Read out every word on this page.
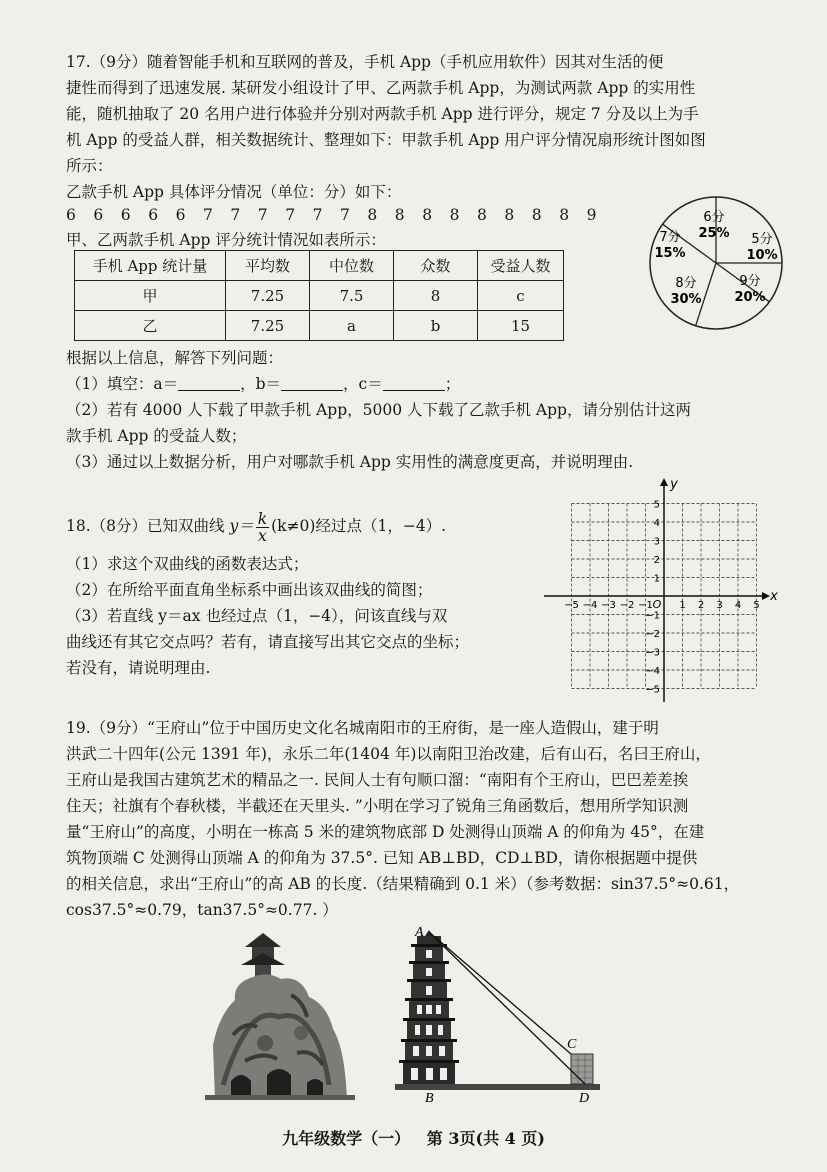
17.（9分）随着智能手机和互联网的普及，手机 App（手机应用软件）因其对生活的便
捷性而得到了迅速发展. 某研发小组设计了甲、乙两款手机 App，为测试两款 App 的实用性
能，随机抽取了 20 名用户进行体验并分别对两款手机 App 进行评分，规定 7 分及以上为手
机 App 的受益人群，相关数据统计、整理如下：甲款手机 App 用户评分情况扇形统计图如图
所示：
乙款手机 App 具体评分情况（单位：分）如下：
6 6 6 6 6 7 7 7 7 7 7 8 8 8 8 8 8 8 8 9
甲、乙两款手机 App 评分统计情况如表所示：
手机 App 统计量	平均数	中位数	众数	受益人数
甲	7.25	7.5	8	c
乙	7.25	a	b	15
6分
25% 5分
10%
9分
20%
8分
30%
7分
15%
根据以上信息，解答下列问题：
（1）填空：a＝	，b＝	，c＝	；
（2）若有 4000 人下载了甲款手机 App，5000 人下载了乙款手机 App，请分别估计这两
款手机 App 的受益人数；
（3）通过以上数据分析，用户对哪款手机 App 实用性的满意度更高，并说明理由.
18.（8分）已知双曲线 $y= \frac{k}{x} (k\ne 0)$经过点（1，−4）.
（1）求这个双曲线的函数表达式；
（2）在所给平面直角坐标系中画出该双曲线的简图；
（3）若直线 y＝ax 也经过点（1，−4），问该直线与双
曲线还有其它交点吗？若有，请直接写出其它交点的坐标；
若没有，请说明理由.
−5 −4 −3 −2 −1	1 2 3 4 5
5
4
3
2
1
−1
−2
−3
−4
−5
O
x
y
19.（9分）“王府山”位于中国历史文化名城南阳市的王府街，是一座人造假山，建于明
洪武二十四年(公元 1391 年)，永乐二年(1404 年)以南阳卫治改建，后有山石，名曰王府山，
王府山是我国古建筑艺术的精品之一. 民间人士有句顺口溜：“南阳有个王府山，巴巴差差挨
住天；社旗有个春秋楼，半截还在天里头. ”小明在学习了锐角三角函数后，想用所学知识测
量“王府山”的高度，小明在一栋高 5 米的建筑物底部 D 处测得山顶端 A 的仰角为 45°，在建
筑物顶端 C 处测得山顶端 A 的仰角为 37.5°. 已知 AB⊥BD，CD⊥BD，请你根据题中提供
的相关信息，求出“王府山”的高 AB 的长度.（结果精确到 0.1 米）（参考数据：sin37.5°≈0.61，
cos37.5°≈0.79，tan37.5°≈0.77. ）
A
B
C
D
九年级数学（一） 第 3页(共 4 页)
